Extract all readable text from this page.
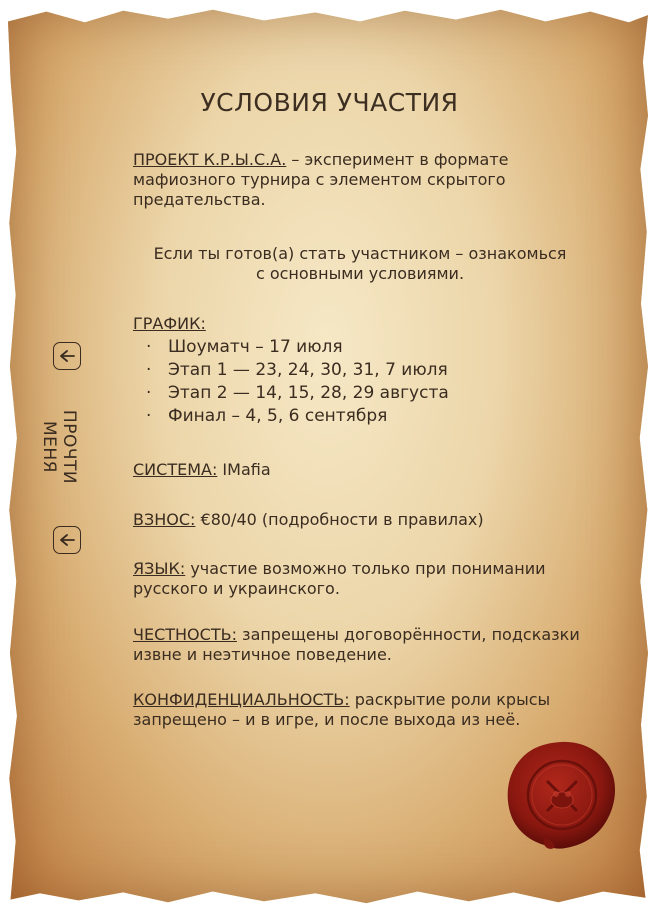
УСЛОВИЯ УЧАСТИЯ
ПРОЕКТ К.Р.Ы.С.А. – эксперимент в формате
мафиозного турнира с элементом скрытого
предательства.
Если ты готов(а) стать участником – ознакомься
с основными условиями.
ГРАФИК:
· Шоуматч – 17 июля
· Этап 1 — 23, 24, 30, 31, 7 июля
· Этап 2 — 14, 15, 28, 29 августа
· Финал – 4, 5, 6 сентября
СИСТЕМА: IMafia
ВЗНОС: €80/40 (подробности в правилах)
ЯЗЫК: участие возможно только при понимании
русского и украинского.
ЧЕСТНОСТЬ: запрещены договорённости, подсказки
извне и неэтичное поведение.
КОНФИДЕНЦИАЛЬНОСТЬ: раскрытие роли крысы
запрещено – и в игре, и после выхода из неё.
ПРОЧТИ МЕНЯ
